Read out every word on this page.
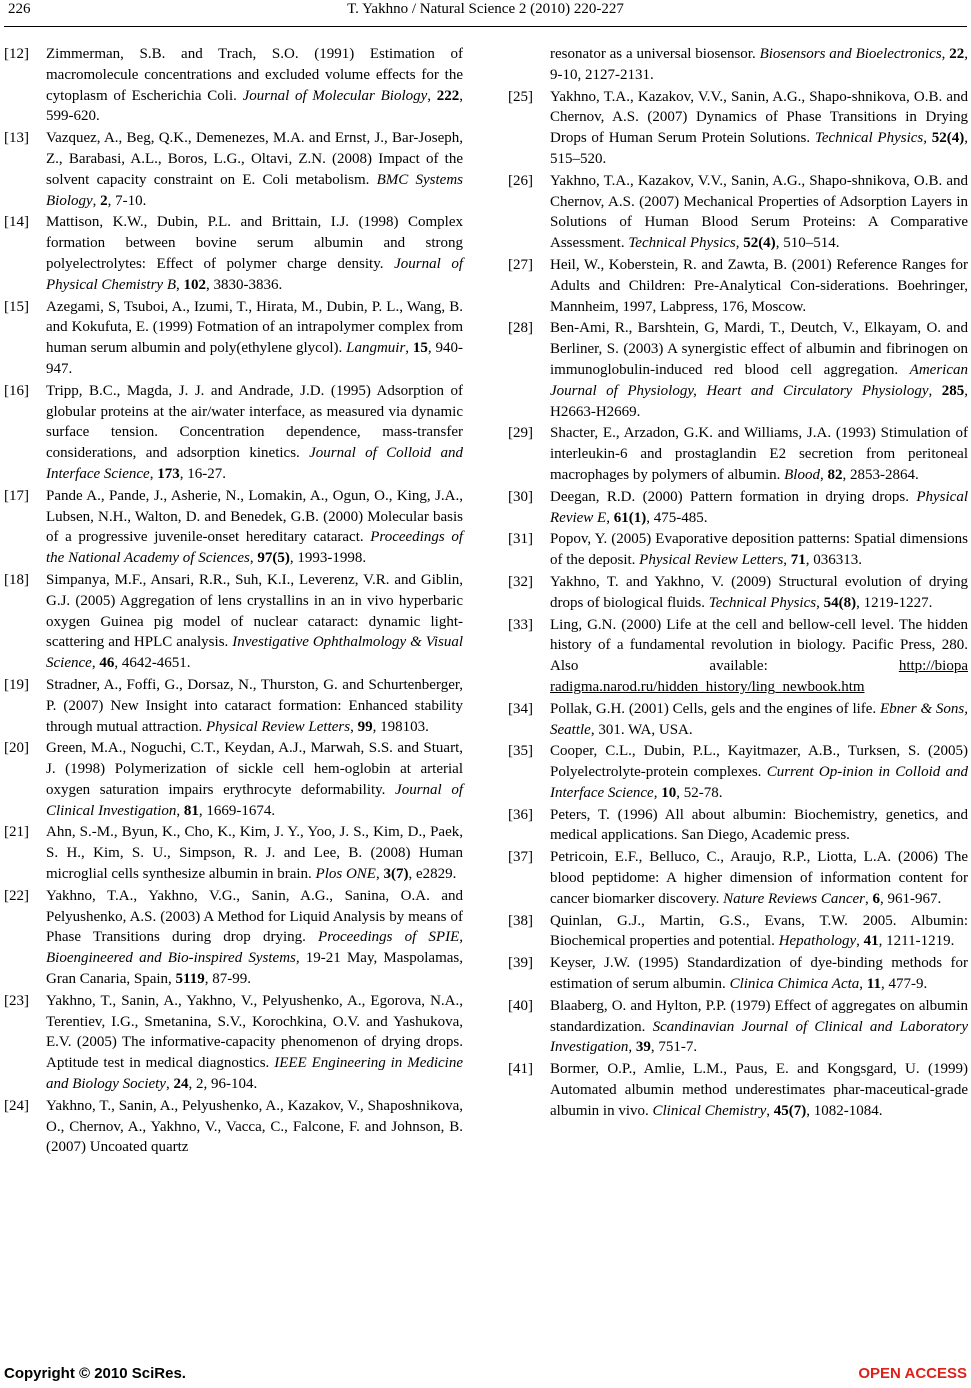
226	T. Yakhno / Natural Science 2 (2010) 220-227
[12]	Zimmerman, S.B. and Trach, S.O. (1991) Estimation of macromolecule concentrations and excluded volume effects for the cytoplasm of Escherichia Coli. Journal of Molecular Biology, 222, 599-620.
[13]	Vazquez, A., Beg, Q.K., Demenezes, M.A. and Ernst, J., Bar-Joseph, Z., Barabasi, A.L., Boros, L.G., Oltavi, Z.N. (2008) Impact of the solvent capacity constraint on E. Coli metabolism. BMC Systems Biology, 2, 7-10.
[14]	Mattison, K.W., Dubin, P.L. and Brittain, I.J. (1998) Complex formation between bovine serum albumin and strong polyelectrolytes: Effect of polymer charge density. Journal of Physical Chemistry B, 102, 3830-3836.
[15]	Azegami, S, Tsuboi, A., Izumi, T., Hirata, M., Dubin, P. L., Wang, B. and Kokufuta, E. (1999) Fotmation of an intrapolymer complex from human serum albumin and poly(ethylene glycol). Langmuir, 15, 940-947.
[16]	Tripp, B.C., Magda, J. J. and Andrade, J.D. (1995) Adsorption of globular proteins at the air/water interface, as measured via dynamic surface tension. Concentration dependence, mass-transfer considerations, and adsorption kinetics. Journal of Colloid and Interface Science, 173, 16-27.
[17]	Pande A., Pande, J., Asherie, N., Lomakin, A., Ogun, O., King, J.A., Lubsen, N.H., Walton, D. and Benedek, G.B. (2000) Molecular basis of a progressive juvenile-onset hereditary cataract. Proceedings of the National Academy of Sciences, 97(5), 1993-1998.
[18]	Simpanya, M.F., Ansari, R.R., Suh, K.I., Leverenz, V.R. and Giblin, G.J. (2005) Aggregation of lens crystallins in an in vivo hyperbaric oxygen Guinea pig model of nuclear cataract: dynamic light-scattering and HPLC analysis. Investigative Ophthalmology & Visual Science, 46, 4642-4651.
[19]	Stradner, A., Foffi, G., Dorsaz, N., Thurston, G. and Schurtenberger, P. (2007) New Insight into cataract formation: Enhanced stability through mutual attraction. Physical Review Letters, 99, 198103.
[20]	Green, M.A., Noguchi, C.T., Keydan, A.J., Marwah, S.S. and Stuart, J. (1998) Polymerization of sickle cell hem-oglobin at arterial oxygen saturation impairs erythrocyte deformability. Journal of Clinical Investigation, 81, 1669-1674.
[21]	Ahn, S.-M., Byun, K., Cho, K., Kim, J. Y., Yoo, J. S., Kim, D., Paek, S. H., Kim, S. U., Simpson, R. J. and Lee, B. (2008) Human microglial cells synthesize albumin in brain. Plos ONE, 3(7), e2829.
[22]	Yakhno, T.A., Yakhno, V.G., Sanin, A.G., Sanina, O.A. and Pelyushenko, A.S. (2003) A Method for Liquid Analysis by means of Phase Transitions during drop drying. Proceedings of SPIE, Bioengineered and Bio-inspired Systems, 19-21 May, Maspolamas, Gran Canaria, Spain, 5119, 87-99.
[23]	Yakhno, T., Sanin, A., Yakhno, V., Pelyushenko, A., Egorova, N.A., Terentiev, I.G., Smetanina, S.V., Korochkina, O.V. and Yashukova, E.V. (2005) The informative-capacity phenomenon of drying drops. Aptitude test in medical diagnostics. IEEE Engineering in Medicine and Biology Society, 24, 2, 96-104.
[24]	Yakhno, T., Sanin, A., Pelyushenko, A., Kazakov, V., Shaposhnikova, O., Chernov, A., Yakhno, V., Vacca, C., Falcone, F. and Johnson, B. (2007) Uncoated quartz
resonator as a universal biosensor. Biosensors and Bioelectronics, 22, 9-10, 2127-2131.
[25]	Yakhno, T.A., Kazakov, V.V., Sanin, A.G., Shapo-shnikova, O.B. and Chernov, A.S. (2007) Dynamics of Phase Transitions in Drying Drops of Human Serum Protein Solutions. Technical Physics, 52(4), 515–520.
[26]	Yakhno, T.A., Kazakov, V.V., Sanin, A.G., Shapo-shnikova, O.B. and Chernov, A.S. (2007) Mechanical Properties of Adsorption Layers in Solutions of Human Blood Serum Proteins: A Comparative Assessment. Technical Physics, 52(4), 510–514.
[27]	Heil, W., Koberstein, R. and Zawta, B. (2001) Reference Ranges for Adults and Children: Pre-Analytical Con-siderations. Boehringer, Mannheim, 1997, Labpress, 176, Moscow.
[28]	Ben-Ami, R., Barshtein, G, Mardi, T., Deutch, V., Elkayam, O. and Berliner, S. (2003) A synergistic effect of albumin and fibrinogen on immunoglobulin-induced red blood cell aggregation. American Journal of Physiology, Heart and Circulatory Physiology, 285, H2663-H2669.
[29]	Shacter, E., Arzadon, G.K. and Williams, J.A. (1993) Stimulation of interleukin-6 and prostaglandin E2 secretion from peritoneal macrophages by polymers of albumin. Blood, 82, 2853-2864.
[30]	Deegan, R.D. (2000) Pattern formation in drying drops. Physical Review E, 61(1), 475-485.
[31]	Popov, Y. (2005) Evaporative deposition patterns: Spatial dimensions of the deposit. Physical Review Letters, 71, 036313.
[32]	Yakhno, T. and Yakhno, V. (2009) Structural evolution of drying drops of biological fluids. Technical Physics, 54(8), 1219-1227.
[33]	Ling, G.N. (2000) Life at the cell and bellow-cell level. The hidden history of a fundamental revolution in biology. Pacific Press, 280. Also available: http://biopa radigma.narod.ru/hidden_history/ling_newbook.htm
[34]	Pollak, G.H. (2001) Cells, gels and the engines of life. Ebner & Sons, Seattle, 301. WA, USA.
[35]	Cooper, C.L., Dubin, P.L., Kayitmazer, A.B., Turksen, S. (2005) Polyelectrolyte-protein complexes. Current Op-inion in Colloid and Interface Science, 10, 52-78.
[36]	Peters, T. (1996) All about albumin: Biochemistry, genetics, and medical applications. San Diego, Academic press.
[37]	Petricoin, E.F., Belluco, C., Araujo, R.P., Liotta, L.A. (2006) The blood peptidome: A higher dimension of information content for cancer biomarker discovery. Nature Reviews Cancer, 6, 961-967.
[38]	Quinlan, G.J., Martin, G.S., Evans, T.W. 2005. Albumin: Biochemical properties and potential. Hepathology, 41, 1211-1219.
[39]	Keyser, J.W. (1995) Standardization of dye-binding methods for estimation of serum albumin. Clinica Chimica Acta, 11, 477-9.
[40]	Blaaberg, O. and Hylton, P.P. (1979) Effect of aggregates on albumin standardization. Scandinavian Journal of Clinical and Laboratory Investigation, 39, 751-7.
[41]	Bormer, O.P., Amlie, L.M., Paus, E. and Kongsgard, U. (1999) Automated albumin method underestimates phar-maceutical-grade albumin in vivo. Clinical Chemistry, 45(7), 1082-1084.
Copyright © 2010 SciRes.	OPEN ACCESS
